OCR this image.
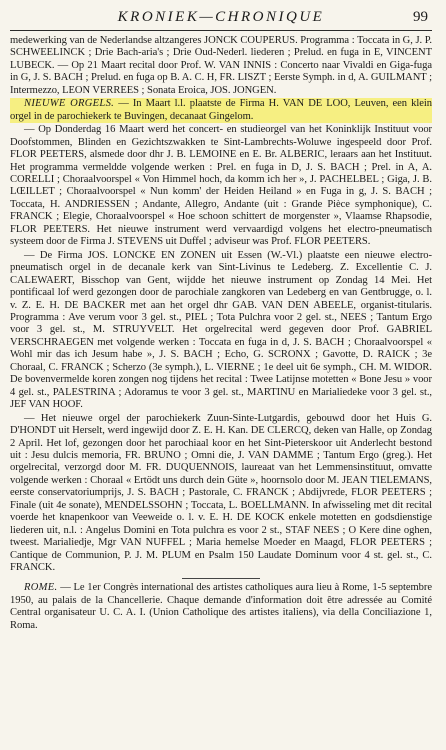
KRONIEK—CHRONIQUE	99

medewerking van de Nederlandse altzangeres JONCK COUPERUS. Programma : Toccata in G, J. P. SCHWEELINCK ; Drie Bach-aria's ; Drie Oud-Nederl. liederen ; Prelud. en fuga in E, VINCENT LUBECK. — Op 21 Maart recital door Prof. W. VAN INNIS : Concerto naar Vivaldi en Giga-fuga in G, J. S. BACH ; Prelud. en fuga op B. A. C. H, FR. LISZT ; Eerste Symph. in d, A. GUILMANT ; Intermezzo, LEON VERREES ; Sonata Eroica, JOS. JONGEN.

NIEUWE ORGELS. — In Maart l.l. plaatste de Firma H. VAN DE LOO, Leuven, een klein orgel in de parochiekerk te Buvingen, decanaat Gingelom.

— Op Donderdag 16 Maart werd het concert- en studieorgel van het Koninklijk Instituut voor Doofstommen, Blinden en Gezichtszwakken te Sint-Lambrechts-Woluwe ingespeeld door Prof. FLOR PEETERS, alsmede door dhr J. B. LEMOINE en E. Br. ALBERIC, leraars aan het Instituut. Het programma vermeldde volgende werken : Prel. en fuga in D, J. S. BACH ; Prel. in A, A. CORELLI ; Choraalvoorspel « Von Himmel hoch, da komm ich her », J. PACHELBEL ; Giga, J. B. LŒILLET ; Choraalvoorspel « Nun komm' der Heiden Heiland » en Fuga in g, J. S. BACH ; Toccata, H. ANDRIESSEN ; Andante, Allegro, Andante (uit : Grande Pièce symphonique), C. FRANCK ; Elegie, Choraalvoorspel « Hoe schoon schittert de morgenster », Vlaamse Rhapsodie, FLOR PEETERS. Het nieuwe instrument werd vervaardigd volgens het electro-pneumatisch systeem door de Firma J. STEVENS uit Duffel ; adviseur was Prof. FLOR PEETERS.

— De Firma JOS. LONCKE EN ZONEN uit Essen (W.-Vl.) plaatste een nieuwe electro-pneumatisch orgel in de decanale kerk van Sint-Livinus te Ledeberg. Z. Excellentie C. J. CALEWAERT, Bisschop van Gent, wijdde het nieuwe instrument op Zondag 14 Mei. Het pontificaal lof werd gezongen door de parochiale zangkoren van Ledeberg en van Gentbrugge, o. l. v. Z. E. H. DE BACKER met aan het orgel dhr GAB. VAN DEN ABEELE, organist-titularis. Programma : Ave verum voor 3 gel. st., PIEL ; Tota Pulchra voor 2 gel. st., NEES ; Tantum Ergo voor 3 gel. st., M. STRUYVELT. Het orgelrecital werd gegeven door Prof. GABRIEL VERSCHRAEGEN met volgende werken : Toccata en fuga in d, J. S. BACH ; Choraalvoorspel « Wohl mir das ich Jesum habe », J. S. BACH ; Echo, G. SCRONX ; Gavotte, D. RAICK ; 3e Choraal, C. FRANCK ; Scherzo (3e symph.), L. VIERNE ; 1e deel uit 6e symph., CH. M. WIDOR. De bovenvermelde koren zongen nog tijdens het recital : Twee Latijnse motetten « Bone Jesu » voor 4 gel. st., PALESTRINA ; Adoramus te voor 3 gel. st., MARTINU en Marialiedeke voor 3 gel. st., JEF VAN HOOF.

— Het nieuwe orgel der parochiekerk Zuun-Sinte-Lutgardis, gebouwd door het Huis G. D'HONDT uit Herselt, werd ingewijd door Z. E. H. Kan. DE CLERCQ, deken van Halle, op Zondag 2 April. Het lof, gezongen door het parochiaal koor en het Sint-Pieterskoor uit Anderlecht bestond uit : Jesu dulcis memoria, FR. BRUNO ; Omni die, J. VAN DAMME ; Tantum Ergo (greg.). Het orgelrecital, verzorgd door M. FR. DUQUENNOIS, laureaat van het Lemmensinstituut, omvatte volgende werken : Choraal « Ertödt uns durch dein Güte », hoornsolo door M. JEAN TIELEMANS, eerste conservatoriumprijs, J. S. BACH ; Pastorale, C. FRANCK ; Abdijvrede, FLOR PEETERS ; Finale (uit 4e sonate), MENDELSSOHN ; Toccata, L. BOELLMANN. In afwisseling met dit recital voerde het knapenkoor van Veeweide o. l. v. E. H. DE KOCK enkele motetten en godsdienstige liederen uit, n.l. : Angelus Domini en Tota pulchra es voor 2 st., STAF NEES ; O Kere dine oghen, tweest. Marialiedje, Mgr VAN NUFFEL ; Maria hemelse Moeder en Maagd, FLOR PEETERS ; Cantique de Communion, P. J. M. PLUM en Psalm 150 Laudate Dominum voor 4 st. gel. st., C. FRANCK.

ROME. — Le 1er Congrès international des artistes catholiques aura lieu à Rome, 1-5 septembre 1950, au palais de la Chancellerie. Chaque demande d'information doit être adressée au Comité Central organisateur U. C. A. I. (Union Catholique des artistes italiens), via della Conciliazione 1, Roma.
